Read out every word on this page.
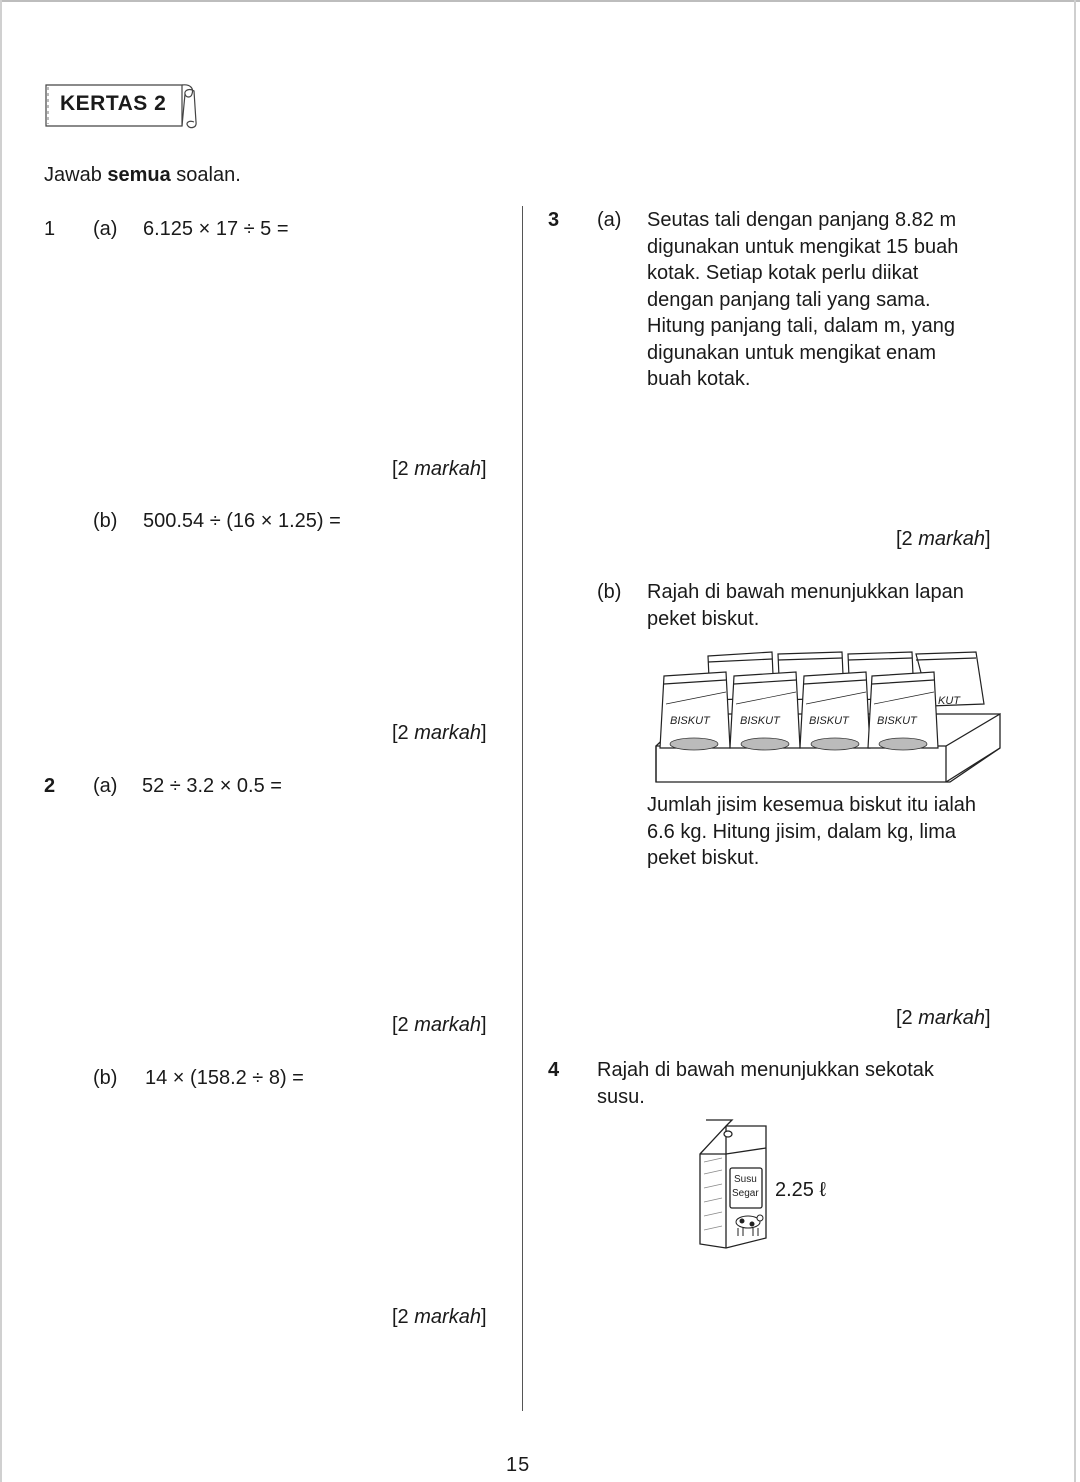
KERTAS 2
Jawab semua soalan.
1 (a) 6.125 × 17 ÷ 5 =
[2 markah]
(b) 500.54 ÷ (16 × 1.25) =
[2 markah]
2 (a) 52 ÷ 3.2 × 0.5 =
[2 markah]
(b) 14 × (158.2 ÷ 8) =
[2 markah]
3 (a) Seutas tali dengan panjang 8.82 m
digunakan untuk mengikat 15 buah
kotak. Setiap kotak perlu diikat
dengan panjang tali yang sama.
Hitung panjang tali, dalam m, yang
digunakan untuk mengikat enam
buah kotak.
[2 markah]
(b) Rajah di bawah menunjukkan lapan
peket biskut.
BISKUT	BISKUT	BISKUT	BISKUT
KUT
Jumlah jisim kesemua biskut itu ialah
6.6 kg. Hitung jisim, dalam kg, lima
peket biskut.
[2 markah]
4 Rajah di bawah menunjukkan sekotak
susu.
Susu
Segar 2.25 ℓ
15
